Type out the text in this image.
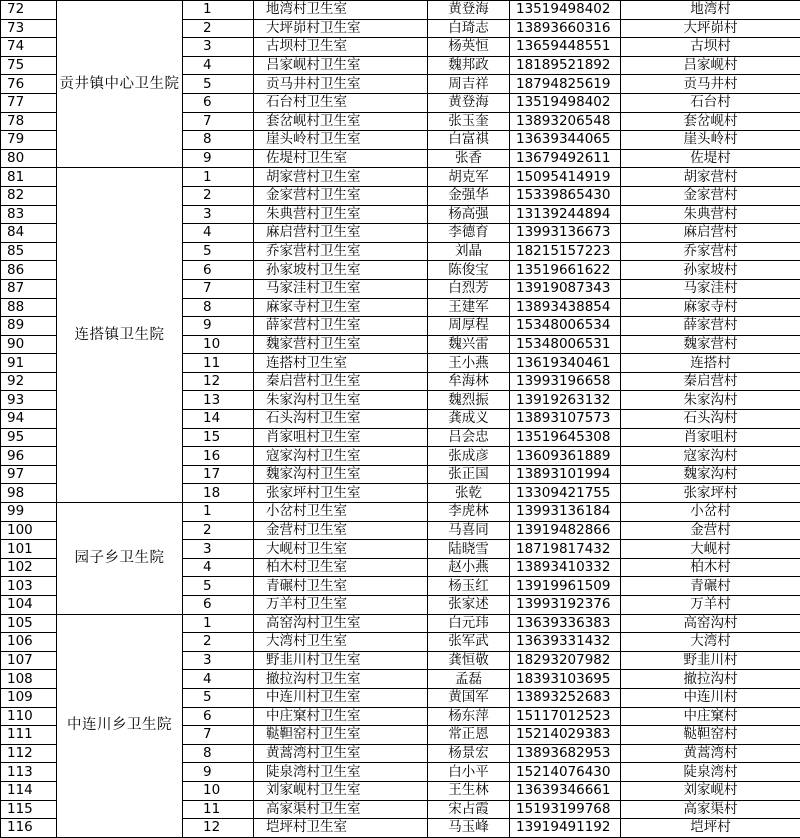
72	贡井镇中心卫生院	1	地湾村卫生室	黄登海	13519498402	地湾村
73		2	大坪峁村卫生室	白琦志	13893660316	大坪峁村
74		3	古坝村卫生室	杨英恒	13659448551	古坝村
75		4	吕家岘村卫生室	魏邦政	18189521892	吕家岘村
76		5	贡马井村卫生室	周吉祥	18794825619	贡马井村
77		6	石台村卫生室	黄登海	13519498402	石台村
78		7	套岔岘村卫生室	张玉奎	13893206548	套岔岘村
79		8	崖头岭村卫生室	白富祺	13639344065	崖头岭村
80		9	佐堤村卫生室	张香	13679492611	佐堤村
81	连搭镇卫生院	1	胡家营村卫生室	胡克军	15095414919	胡家营村
82		2	金家营村卫生室	金强华	15339865430	金家营村
83		3	朱典营村卫生室	杨高强	13139244894	朱典营村
84		4	麻启营村卫生室	李德育	13993136673	麻启营村
85		5	乔家营村卫生室	刘晶	18215157223	乔家营村
86		6	孙家坡村卫生室	陈俊宝	13519661622	孙家坡村
87		7	马家洼村卫生室	白烈芳	13919087343	马家洼村
88		8	麻家寺村卫生室	王建军	13893438854	麻家寺村
89		9	薛家营村卫生室	周厚程	15348006534	薛家营村
90		10	魏家营村卫生室	魏兴雷	15348006531	魏家营村
91		11	连搭村卫生室	王小燕	13619340461	连搭村
92		12	秦启营村卫生室	牟海林	13993196658	秦启营村
93		13	朱家沟村卫生室	魏烈振	13919263132	朱家沟村
94		14	石头沟村卫生室	龚成义	13893107573	石头沟村
95		15	肖家咀村卫生室	吕会忠	13519645308	肖家咀村
96		16	寇家沟村卫生室	张成彦	13609361889	寇家沟村
97		17	魏家沟村卫生室	张正国	13893101994	魏家沟村
98		18	张家坪村卫生室	张乾	13309421755	张家坪村
99	园子乡卫生院	1	小岔村卫生室	李虎林	13993136184	小岔村
100		2	金营村卫生室	马喜同	13919482866	金营村
101		3	大岘村卫生室	陆晓雪	18719817432	大岘村
102		4	柏木村卫生室	赵小燕	13893410332	柏木村
103		5	青碾村卫生室	杨玉红	13919961509	青碾村
104		6	万羊村卫生室	张家述	13993192376	万羊村
105	中连川乡卫生院	1	高窑沟村卫生室	白元玮	13639336383	高窑沟村
106		2	大湾村卫生室	张军武	13639331432	大湾村
107		3	野韭川村卫生室	龚恒敬	18293207982	野韭川村
108		4	撤拉沟村卫生室	孟磊	18393103695	撤拉沟村
109		5	中连川村卫生室	黄国军	13893252683	中连川村
110		6	中庄窠村卫生室	杨东萍	15117012523	中庄窠村
111		7	鞑靼窑村卫生室	常正恩	15214029383	鞑靼窑村
112		8	黄蒿湾村卫生室	杨景宏	13893682953	黄蒿湾村
113		9	陡泉湾村卫生室	白小平	15214076430	陡泉湾村
114		10	刘家岘村卫生室	王生林	13639346661	刘家岘村
115		11	高家渠村卫生室	宋占霞	15193199768	高家渠村
116		12	垲坪村卫生室	马玉峰	13919491192	垲坪村
